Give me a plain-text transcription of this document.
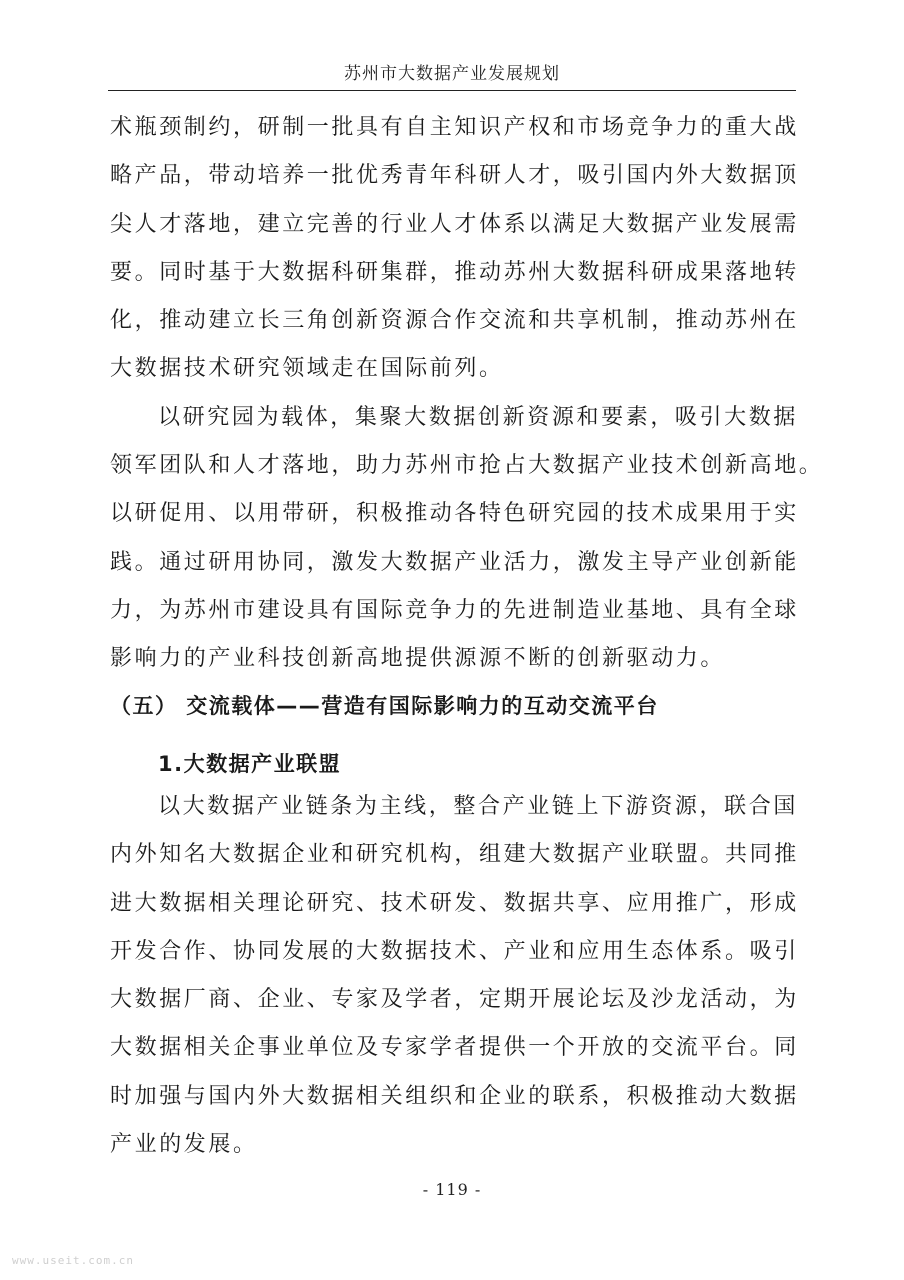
苏州市大数据产业发展规划

术瓶颈制约，研制一批具有自主知识产权和市场竞争力的重大战

略产品，带动培养一批优秀青年科研人才，吸引国内外大数据顶

尖人才落地，建立完善的行业人才体系以满足大数据产业发展需

要。同时基于大数据科研集群，推动苏州大数据科研成果落地转

化，推动建立长三角创新资源合作交流和共享机制，推动苏州在

大数据技术研究领域走在国际前列。

以研究园为载体，集聚大数据创新资源和要素，吸引大数据

领军团队和人才落地，助力苏州市抢占大数据产业技术创新高地。

以研促用、以用带研，积极推动各特色研究园的技术成果用于实

践。通过研用协同，激发大数据产业活力，激发主导产业创新能

力，为苏州市建设具有国际竞争力的先进制造业基地、具有全球

影响力的产业科技创新高地提供源源不断的创新驱动力。

（五） 交流载体——营造有国际影响力的互动交流平台
1.大数据产业联盟

以大数据产业链条为主线，整合产业链上下游资源，联合国

内外知名大数据企业和研究机构，组建大数据产业联盟。共同推

进大数据相关理论研究、技术研发、数据共享、应用推广，形成

开发合作、协同发展的大数据技术、产业和应用生态体系。吸引

大数据厂商、企业、专家及学者，定期开展论坛及沙龙活动，为

大数据相关企事业单位及专家学者提供一个开放的交流平台。同

时加强与国内外大数据相关组织和企业的联系，积极推动大数据

产业的发展。

- 119 -
www.useit.com.cn
